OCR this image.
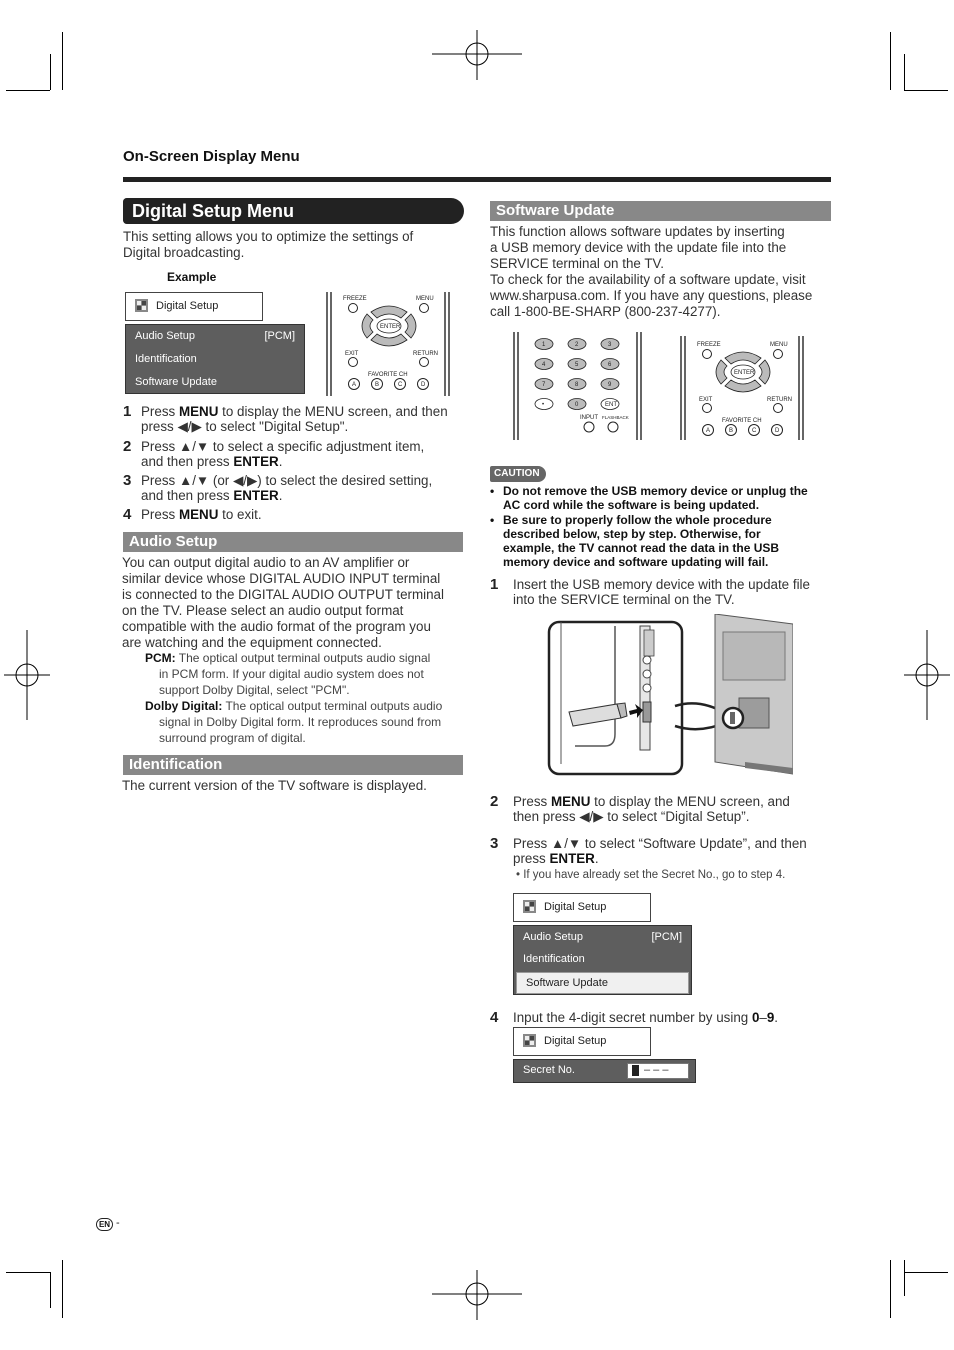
On-Screen Display Menu
Digital Setup Menu
This setting allows you to optimize the settings of
Digital broadcasting.
Example
Digital Setup
Audio Setup	[PCM]
Identification
Software Update
FREEZE	MENU
ENTER
EXIT	RETURN
FAVORITE CH
A	B	C	D
1 Press MENU to display the MENU screen, and then
press ◀/▶ to select "Digital Setup".
2 Press ▲/▼ to select a specific adjustment item,
and then press ENTER.
3 Press ▲/▼ (or ◀/▶) to select the desired setting,
and then press ENTER.
4 Press MENU to exit.
Audio Setup
You can output digital audio to an AV amplifier or
similar device whose DIGITAL AUDIO INPUT terminal
is connected to the DIGITAL AUDIO OUTPUT terminal
on the TV. Please select an audio output format
compatible with the audio format of the program you
are watching and the equipment connected.
PCM: The optical output terminal outputs audio signal
in PCM form. If your digital audio system does not
support Dolby Digital, select "PCM".
Dolby Digital: The optical output terminal outputs audio
signal in Dolby Digital form. It reproduces sound from
surround program of digital.
Identification
The current version of the TV software is displayed.
Software Update
This function allows software updates by inserting
a USB memory device with the update file into the
SERVICE terminal on the TV.
To check for the availability of a software update, visit
www.sharpusa.com. If you have any questions, please
call 1-800-BE-SHARP (800-237-4277).
1	2	3
4	5	6
7	8	9
•	0	ENT
INPUT FLASHBACK
FREEZE	MENU
ENTER
EXIT	RETURN
FAVORITE CH
A	B	C	D
CAUTION
• Do not remove the USB memory device or unplug the
AC cord while the software is being updated.
• Be sure to properly follow the whole procedure
described below, step by step. Otherwise, for
example, the TV cannot read the data in the USB
memory device and software updating will fail.
1 Insert the USB memory device with the update file
into the SERVICE terminal on the TV.
2 Press MENU to display the MENU screen, and
then press ◀/▶ to select “Digital Setup”.
3 Press ▲/▼ to select “Software Update”, and then
press ENTER.
• If you have already set the Secret No., go to step 4.
Digital Setup
Audio Setup	[PCM]
Identification
Software Update
4 Input the 4-digit secret number by using 0–9.
Digital Setup
Secret No.	– – –
EN -
